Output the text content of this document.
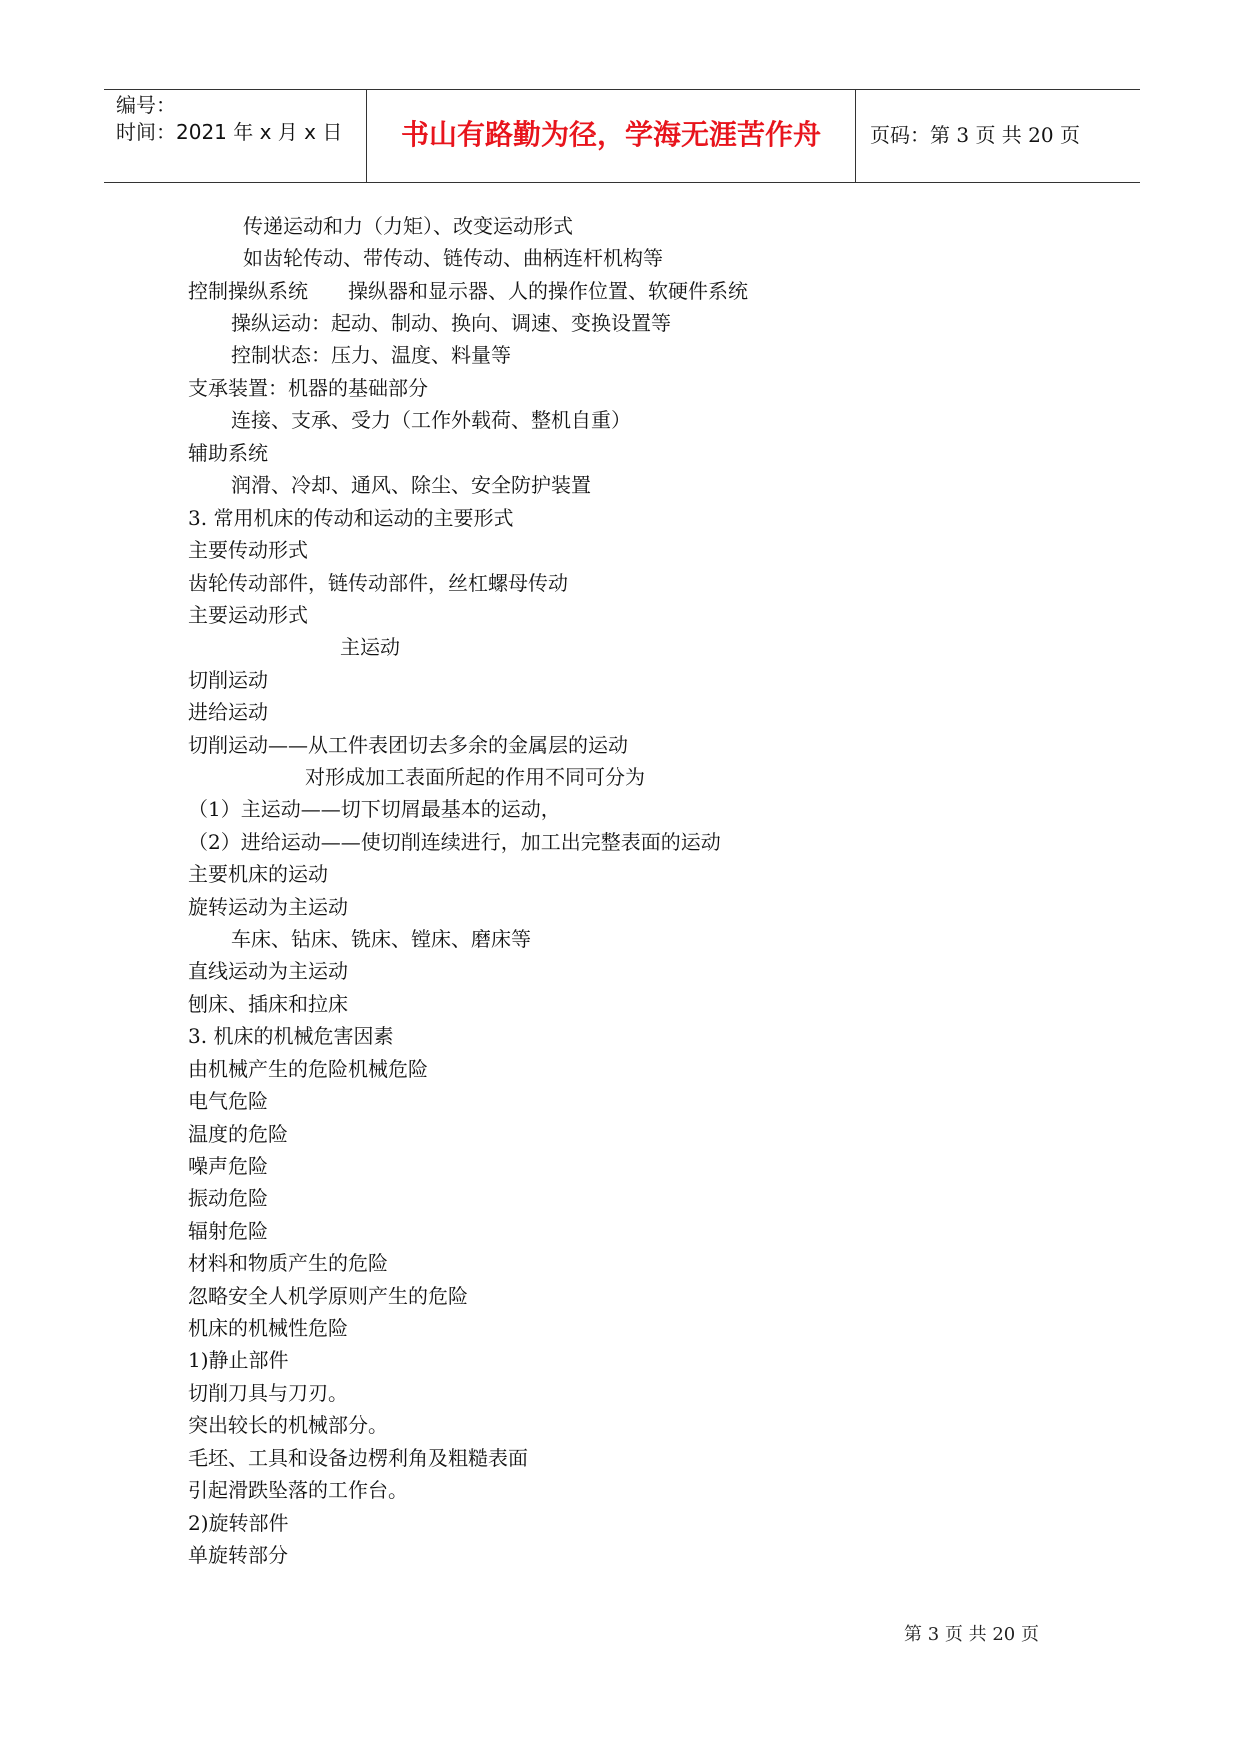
编号：
时间：2021 年 x 月 x 日	书山有路勤为径，学海无涯苦作舟	页码：第 3 页 共 20 页
传递运动和力（力矩）、改变运动形式
如齿轮传动、带传动、链传动、曲柄连杆机构等
控制操纵系统　　操纵器和显示器、人的操作位置、软硬件系统
操纵运动：起动、制动、换向、调速、变换设置等
控制状态：压力、温度、料量等
支承装置：机器的基础部分
连接、支承、受力（工作外载荷、整机自重）
辅助系统
润滑、冷却、通风、除尘、安全防护装置
3. 常用机床的传动和运动的主要形式
主要传动形式
齿轮传动部件，链传动部件，丝杠螺母传动
主要运动形式
主运动
切削运动
进给运动
切削运动——从工件表团切去多余的金属层的运动
对形成加工表面所起的作用不同可分为
（1）主运动——切下切屑最基本的运动，
（2）进给运动——使切削连续进行，加工出完整表面的运动
主要机床的运动
旋转运动为主运动
车床、钻床、铣床、镗床、磨床等
直线运动为主运动
刨床、插床和拉床
3. 机床的机械危害因素
由机械产生的危险机械危险
电气危险
温度的危险
噪声危险
振动危险
辐射危险
材料和物质产生的危险
忽略安全人机学原则产生的危险
机床的机械性危险
1)静止部件
切削刀具与刀刃。
突出较长的机械部分。
毛坯、工具和设备边楞利角及粗糙表面
引起滑跌坠落的工作台。
2)旋转部件
单旋转部分
第 3 页 共 20 页
